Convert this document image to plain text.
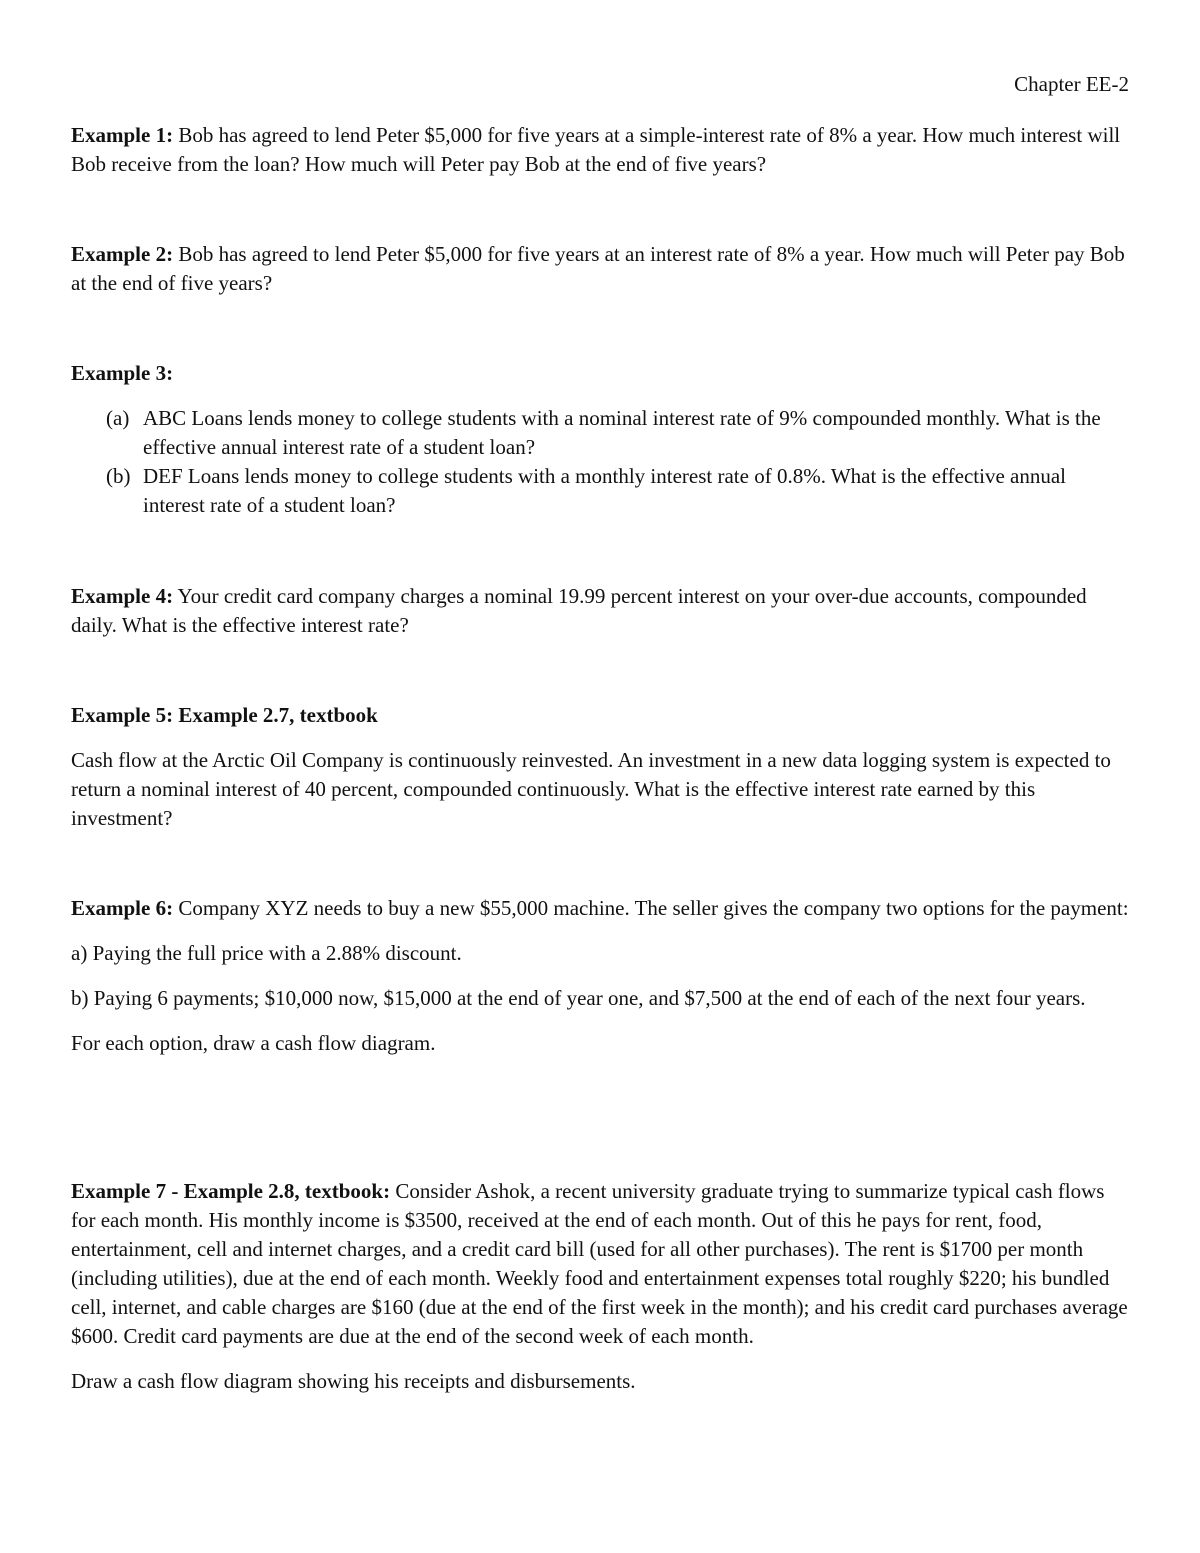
Chapter EE-2

Example 1: Bob has agreed to lend Peter $5,000 for five years at a simple-interest rate of 8% a year. How much interest will Bob receive from the loan? How much will Peter pay Bob at the end of five years?

Example 2: Bob has agreed to lend Peter $5,000 for five years at an interest rate of 8% a year. How much will Peter pay Bob at the end of five years?

Example 3:

(a) ABC Loans lends money to college students with a nominal interest rate of 9% compounded monthly. What is the effective annual interest rate of a student loan?

(b) DEF Loans lends money to college students with a monthly interest rate of 0.8%. What is the effective annual interest rate of a student loan?

Example 4: Your credit card company charges a nominal 19.99 percent interest on your over-due accounts, compounded daily. What is the effective interest rate?

Example 5: Example 2.7, textbook

Cash flow at the Arctic Oil Company is continuously reinvested. An investment in a new data logging system is expected to return a nominal interest of 40 percent, compounded continuously. What is the effective interest rate earned by this investment?

Example 6: Company XYZ needs to buy a new $55,000 machine. The seller gives the company two options for the payment:

a) Paying the full price with a 2.88% discount.

b) Paying 6 payments; $10,000 now, $15,000 at the end of year one, and $7,500 at the end of each of the next four years.

For each option, draw a cash flow diagram.

Example 7 - Example 2.8, textbook: Consider Ashok, a recent university graduate trying to summarize typical cash flows for each month. His monthly income is $3500, received at the end of each month. Out of this he pays for rent, food, entertainment, cell and internet charges, and a credit card bill (used for all other purchases). The rent is $1700 per month (including utilities), due at the end of each month. Weekly food and entertainment expenses total roughly $220; his bundled cell, internet, and cable charges are $160 (due at the end of the first week in the month); and his credit card purchases average $600. Credit card payments are due at the end of the second week of each month.

Draw a cash flow diagram showing his receipts and disbursements.
